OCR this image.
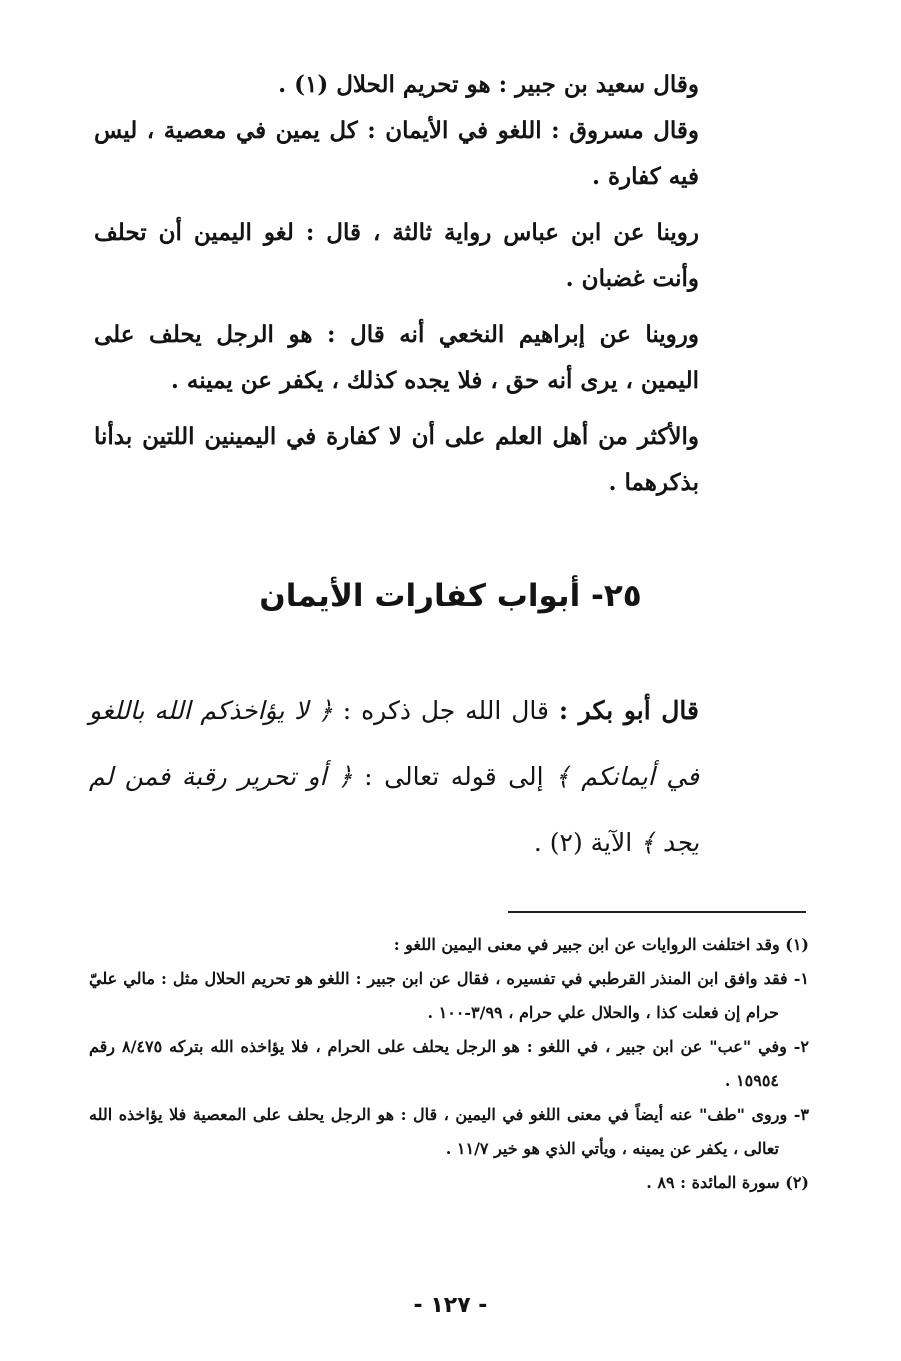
وقال سعيد بن جبير : هو تحريم الحلال (١) .

وقال مسروق : اللغو في الأيمان : كل يمين في معصية ، ليس فيه كفارة .

روينا عن ابن عباس رواية ثالثة ، قال : لغو اليمين أن تحلف وأنت غضبان .

وروينا عن إبراهيم النخعي أنه قال : هو الرجل يحلف على اليمين ، يرى أنه حق ، فلا يجده كذلك ، يكفر عن يمينه .

والأكثر من أهل العلم على أن لا كفارة في اليمينين اللتين بدأنا بذكرهما .

٢٥- أبواب كفارات الأيمان

قال أبو بكر : قال الله جل ذكره : ﴿ لا يؤاخذكم الله باللغو في أيمانكم ﴾ إلى قوله تعالى : ﴿ أو تحرير رقبة فمن لم يجد ﴾ الآية (٢) .

(١) وقد اختلفت الروايات عن ابن جبير في معنى اليمين اللغو :

١- فقد وافق ابن المنذر القرطبي في تفسيره ، فقال عن ابن جبير : اللغو هو تحريم الحلال مثل : مالي عليّ حرام إن فعلت كذا ، والحلال علي حرام ، ٣/٩٩-١٠٠ .

٢- وفي "عب" عن ابن جبير ، في اللغو : هو الرجل يحلف على الحرام ، فلا يؤاخذه الله بتركه ٨/٤٧٥ رقم ١٥٩٥٤ .

٣- وروى "طف" عنه أيضاً في معنى اللغو في اليمين ، قال : هو الرجل يحلف على المعصية فلا يؤاخذه الله تعالى ، يكفر عن يمينه ، ويأتي الذي هو خير ١١/٧ .

(٢) سورة المائدة : ٨٩ .

- ١٢٧ -
